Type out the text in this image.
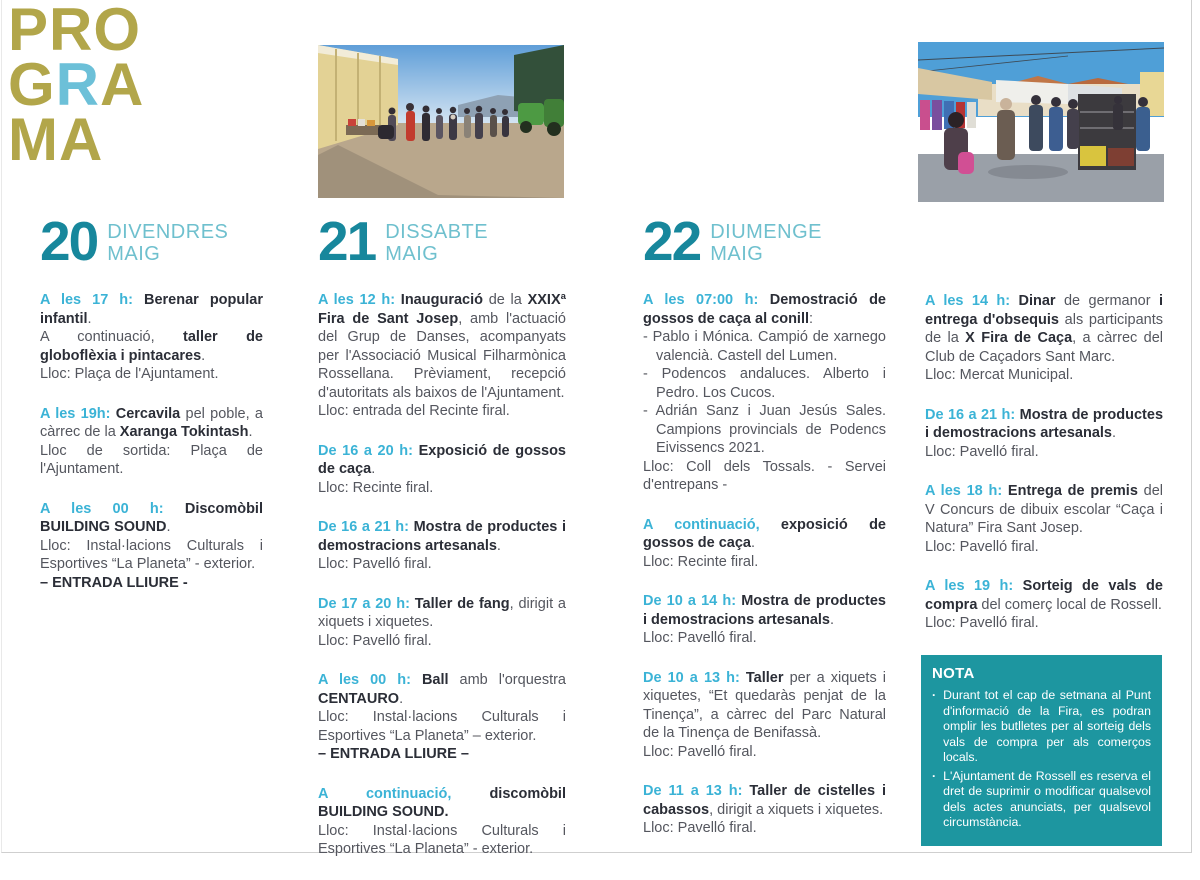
PRO
GRA
MA
20 DIVENDRES
MAIG

A les 17 h: Berenar popular infantil.

A continuació, taller de globoflèxia i pintacares.

Lloc: Plaça de l'Ajuntament.

A les 19h: Cercavila pel poble, a càrrec de la Xaranga Tokintash.

Lloc de sortida: Plaça de l'Ajuntament.

A les 00 h: Discomòbil BUILDING SOUND.

Lloc: Instal·lacions Culturals i Esportives “La Planeta” - exterior.

– ENTRADA LLIURE -

21 DISSABTE
MAIG

A les 12 h: Inauguració de la XXIXª Fira de Sant Josep, amb l'actuació del Grup de Danses, acompanyats per l'Associació Musical Filharmònica Rossellana. Prèviament, recepció d'autoritats als baixos de l'Ajuntament.

Lloc: entrada del Recinte firal.

De 16 a 20 h: Exposició de gossos de caça.

Lloc: Recinte firal.

De 16 a 21 h: Mostra de productes i demostracions artesanals.

Lloc: Pavelló firal.

De 17 a 20 h: Taller de fang, dirigit a xiquets i xiquetes.

Lloc: Pavelló firal.

A les 00 h: Ball amb l'orquestra CENTAURO.

Lloc: Instal·lacions Culturals i Esportives “La Planeta” – exterior.

– ENTRADA LLIURE –

A continuació, discomòbil BUILDING SOUND.

Lloc: Instal·lacions Culturals i Esportives “La Planeta” - exterior.

22 DIUMENGE
MAIG

A les 07:00 h: Demostració de gossos de caça al conill:

- Pablo i Mónica. Campió de xarnego valencià. Castell del Lumen.

- Podencos andaluces. Alberto i Pedro. Los Cucos.

- Adrián Sanz i Juan Jesús Sales. Campions provincials de Podencs Eivissencs 2021.

Lloc: Coll dels Tossals. - Servei d'entrepans -

A continuació, exposició de gossos de caça.

Lloc: Recinte firal.

De 10 a 14 h: Mostra de productes i demostracions artesanals.

Lloc: Pavelló firal.

De 10 a 13 h: Taller per a xiquets i xiquetes, “Et quedaràs penjat de la Tinença”, a càrrec del Parc Natural de la Tinença de Benifassà.

Lloc: Pavelló firal.

De 11 a 13 h: Taller de cistelles i cabassos, dirigit a xiquets i xiquetes.

Lloc: Pavelló firal.

A les 14 h: Dinar de germanor i entrega d'obsequis als participants de la X Fira de Caça, a càrrec del Club de Caçadors Sant Marc.

Lloc: Mercat Municipal.

De 16 a 21 h: Mostra de productes i demostracions artesanals.

Lloc: Pavelló firal.

A les 18 h: Entrega de premis del V Concurs de dibuix escolar “Caça i Natura” Fira Sant Josep.

Lloc: Pavelló firal.

A les 19 h: Sorteig de vals de compra del comerç local de Rossell.

Lloc: Pavelló firal.

NOTA
· Durant tot el cap de setmana al Punt d'informació de la Fira, es podran omplir les butlletes per al sorteig dels vals de compra per als comerços locals.
· L'Ajuntament de Rossell es reserva el dret de suprimir o modificar qualsevol dels actes anunciats, per qualsevol circumstància.
